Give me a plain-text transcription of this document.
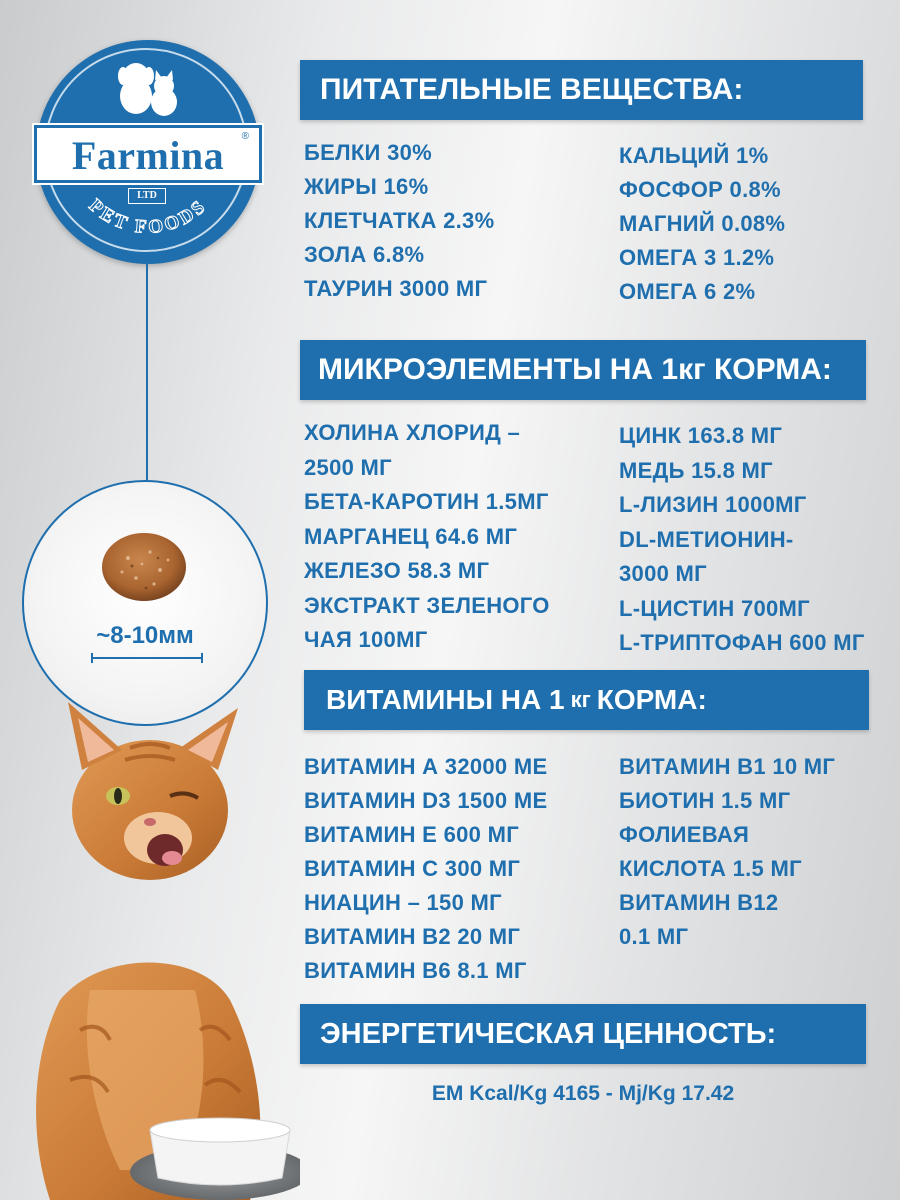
PET FOODS
Farmina	®
LTD
~8-10мм
ПИТАТЕЛЬНЫЕ ВЕЩЕСТВА:
БЕЛКИ 30%
ЖИРЫ 16%
КЛЕТЧАТКА 2.3%
ЗОЛА 6.8%
ТАУРИН 3000 МГ
КАЛЬЦИЙ 1%
ФОСФОР 0.8%
МАГНИЙ 0.08%
ОМЕГА 3 1.2%
ОМЕГА 6 2%
МИКРОЭЛЕМЕНТЫ НА 1кг КОРМА:
ХОЛИНА ХЛОРИД –
2500 МГ
БЕТА-КАРОТИН 1.5МГ
МАРГАНЕЦ 64.6 МГ
ЖЕЛЕЗО 58.3 МГ
ЭКСТРАКТ ЗЕЛЕНОГО
ЧАЯ 100МГ
ЦИНК 163.8 МГ
МЕДЬ 15.8 МГ
L-ЛИЗИН 1000МГ
DL-МЕТИОНИН-
3000 МГ
L-ЦИСТИН 700МГ
L-ТРИПТОФАН 600 МГ
ВИТАМИНЫ НА 1 кг КОРМА:
ВИТАМИН А 32000 МЕ
ВИТАМИН D3 1500 МЕ
ВИТАМИН Е 600 МГ
ВИТАМИН С 300 МГ
НИАЦИН – 150 МГ
ВИТАМИН В2 20 МГ
ВИТАМИН В6 8.1 МГ
ВИТАМИН В1 10 МГ
БИОТИН 1.5 МГ
ФОЛИЕВАЯ
КИСЛОТА 1.5 МГ
ВИТАМИН В12
0.1 МГ
ЭНЕРГЕТИЧЕСКАЯ ЦЕННОСТЬ:
EM Kcal/Kg 4165 - Mj/Kg 17.42
